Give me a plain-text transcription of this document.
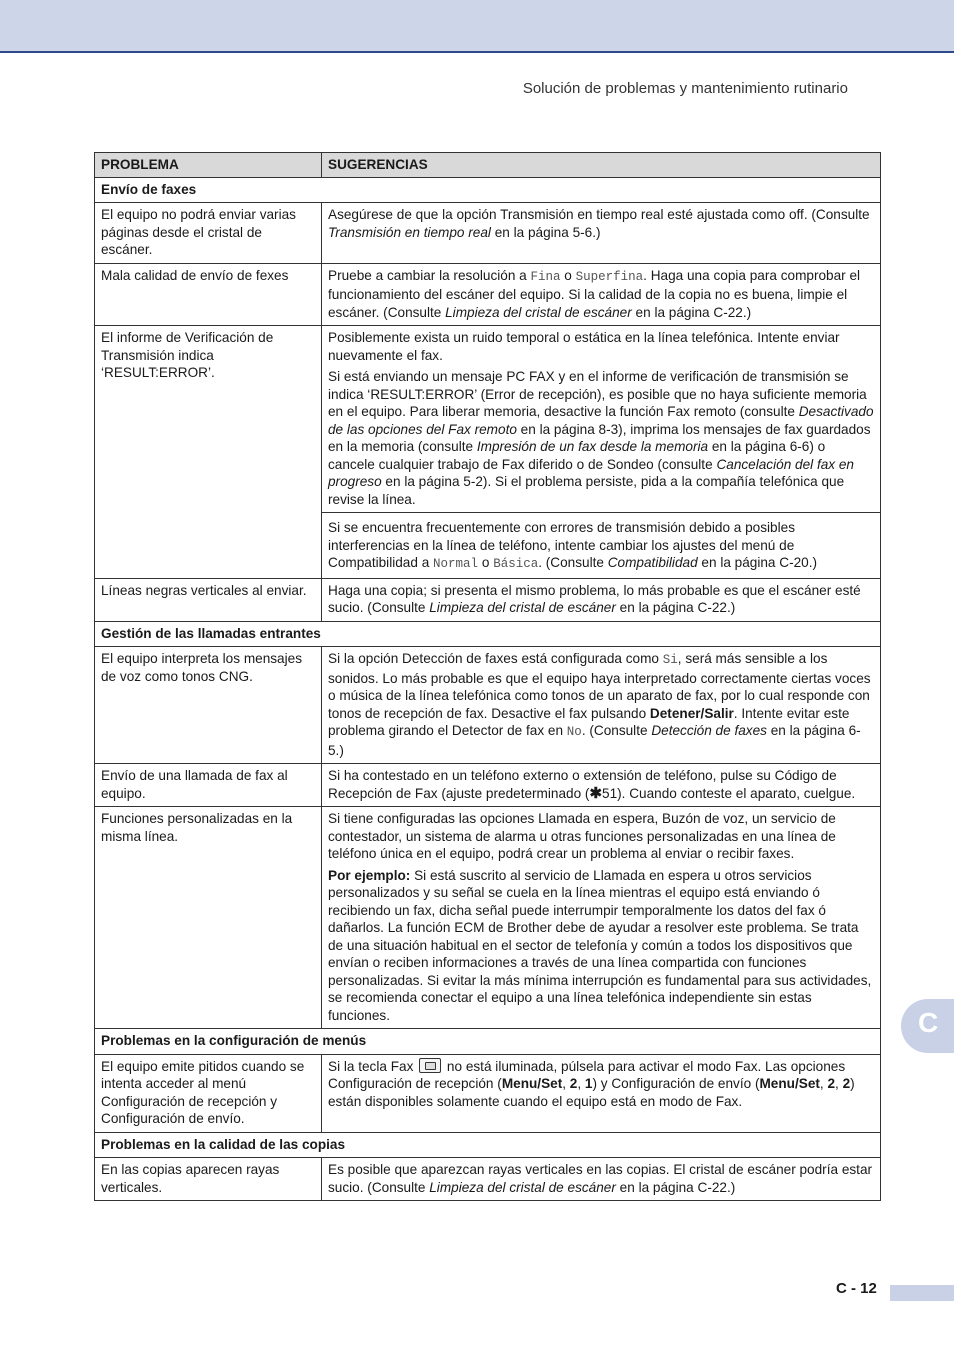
Solución de problemas y mantenimiento rutinario
PROBLEMA	SUGERENCIAS
Envío de faxes	
El equipo no podrá enviar varias páginas desde el cristal de escáner.	Asegúrese de que la opción Transmisión en tiempo real esté ajustada como off. (Consulte Transmisión en tiempo real en la página 5-6.)
Mala calidad de envío de fexes	Pruebe a cambiar la resolución a Fina o Superfina. Haga una copia para comprobar el funcionamiento del escáner del equipo. Si la calidad de la copia no es buena, limpie el escáner. (Consulte Limpieza del cristal de escáner en la página C-22.)
El informe de Verificación de Transmisión indica ‘RESULT:ERROR’.	Posiblemente exista un ruido temporal o estática en la línea telefónica. Intente enviar nuevamente el fax.

Si está enviando un mensaje PC FAX y en el informe de verificación de transmisión se indica ‘RESULT:ERROR’ (Error de recepción), es posible que no haya suficiente memoria en el equipo. Para liberar memoria, desactive la función Fax remoto (consulte Desactivado de las opciones del Fax remoto en la página 8-3), imprima los mensajes de fax guardados en la memoria (consulte Impresión de un fax desde la memoria en la página 6-6) o cancele cualquier trabajo de Fax diferido o de Sondeo (consulte Cancelación del fax en progreso en la página 5-2). Si el problema persiste, pida a la compañía telefónica que revise la línea.

Si se encuentra frecuentemente con errores de transmisión debido a posibles interferencias en la línea de teléfono, intente cambiar los ajustes del menú de Compatibilidad a Normal o Básica. (Consulte Compatibilidad en la página C-20.)

Líneas negras verticales al enviar.	Haga una copia; si presenta el mismo problema, lo más probable es que el escáner esté sucio. (Consulte Limpieza del cristal de escáner en la página C-22.)
Gestión de las llamadas entrantes	
El equipo interpreta los mensajes de voz como tonos CNG.	Si la opción Detección de faxes está configurada como Si, será más sensible a los sonidos. Lo más probable es que el equipo haya interpretado correctamente ciertas voces o música de la línea telefónica como tonos de un aparato de fax, por lo cual responde con tonos de recepción de fax. Desactive el fax pulsando Detener/Salir. Intente evitar este problema girando el Detector de fax en No. (Consulte Detección de faxes en la página 6-5.)
Envío de una llamada de fax al equipo.	Si ha contestado en un teléfono externo o extensión de teléfono, pulse su Código de Recepción de Fax (ajuste predeterminado (✱51). Cuando conteste el aparato, cuelgue.
Funciones personalizadas en la misma línea.	Si tiene configuradas las opciones Llamada en espera, Buzón de voz, un servicio de contestador, un sistema de alarma u otras funciones personalizadas en una línea de teléfono única en el equipo, podrá crear un problema al enviar o recibir faxes.

Por ejemplo: Si está suscrito al servicio de Llamada en espera u otros servicios personalizados y su señal se cuela en la línea mientras el equipo está enviando ó recibiendo un fax, dicha señal puede interrumpir temporalmente los datos del fax ó dañarlos. La función ECM de Brother debe de ayudar a resolver este problema. Se trata de una situación habitual en el sector de telefonía y común a todos los dispositivos que envían o reciben informaciones a través de una línea compartida con funciones personalizadas. Si evitar la más mínima interrupción es fundamental para sus actividades, se recomienda conectar el equipo a una línea telefónica independiente sin estas funciones.

Problemas en la configuración de menús	
El equipo emite pitidos cuando se intenta acceder al menú Configuración de recepción y Configuración de envío.	Si la tecla Fax  no está iluminada, púlsela para activar el modo Fax. Las opciones Configuración de recepción (Menu/Set, 2, 1) y Configuración de envío (Menu/Set, 2, 2) están disponibles solamente cuando el equipo está en modo de Fax.
Problemas en la calidad de las copias	
En las copias aparecen rayas verticales.	Es posible que aparezcan rayas verticales en las copias. El cristal de escáner podría estar sucio. (Consulte Limpieza del cristal de escáner en la página C-22.)
C
C - 12
